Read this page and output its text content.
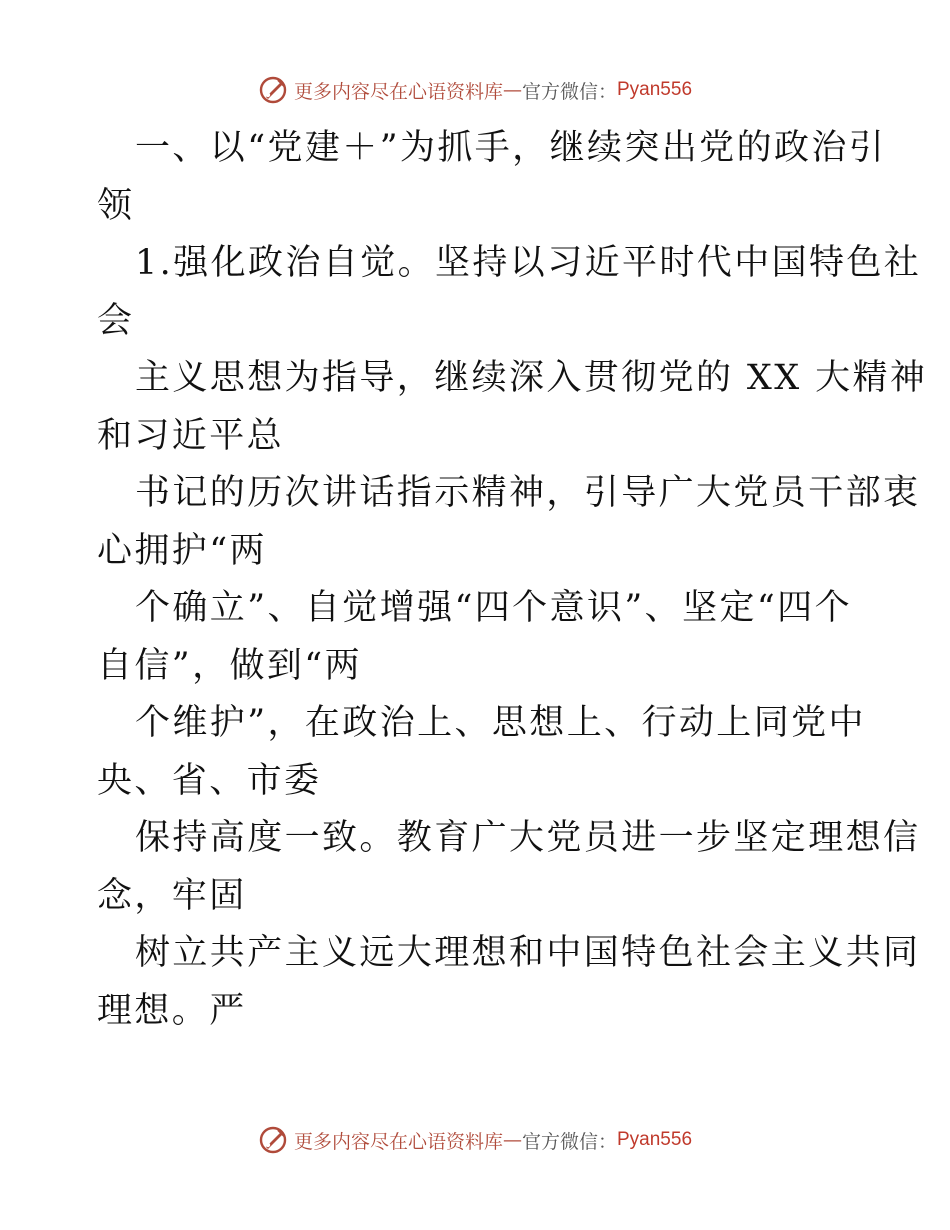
更多内容尽在心语资料库 — 官方微信： Pyan556
一、以“党建＋”为抓手，继续突出党的政治引
领
1.强化政治自觉。坚持以习近平时代中国特色社
会
主义思想为指导，继续深入贯彻党的 XX 大精神
和习近平总
书记的历次讲话指示精神，引导广大党员干部衷
心拥护“两
个确立”、自觉增强“四个意识”、坚定“四个
自信”，做到“两
个维护”，在政治上、思想上、行动上同党中
央、省、市委
保持高度一致。教育广大党员进一步坚定理想信
念，牢固
树立共产主义远大理想和中国特色社会主义共同
理想。严
更多内容尽在心语资料库 — 官方微信： Pyan556
